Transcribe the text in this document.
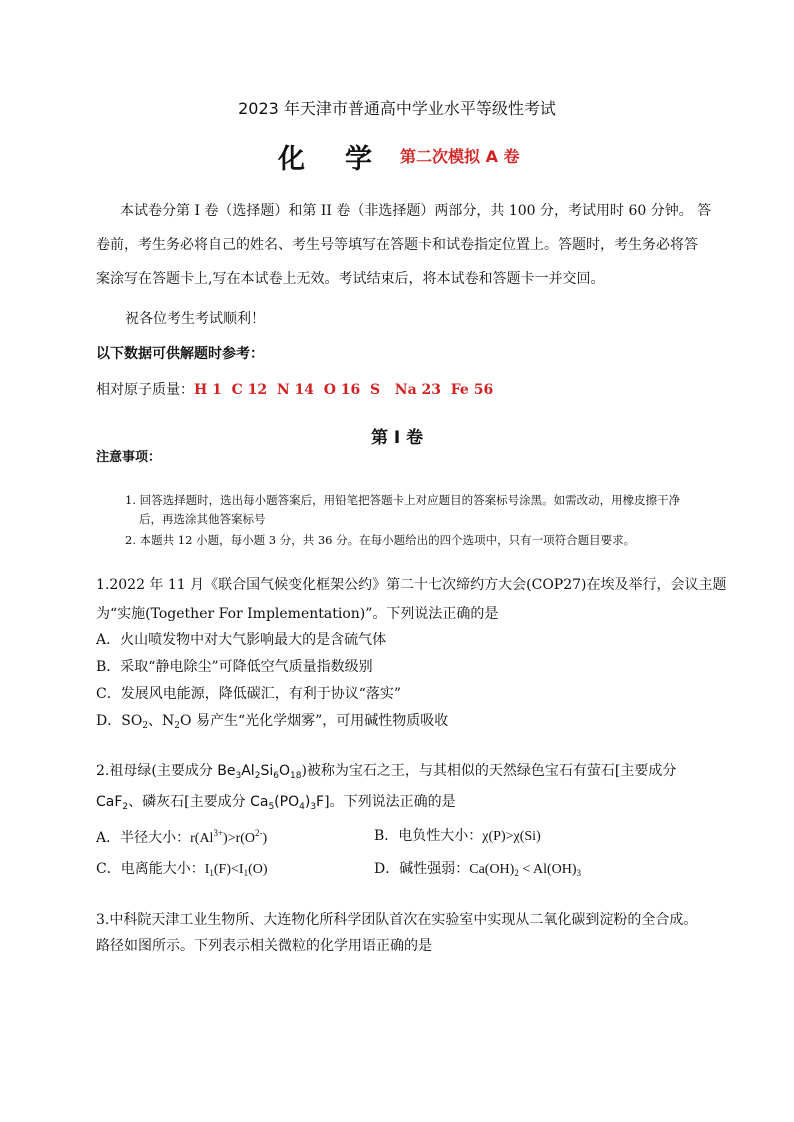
2023 年天津市普通高中学业水平等级性考试
化 学 第二次模拟 A 卷
本试卷分第 I 卷（选择题）和第 II 卷（非选择题）两部分，共 100 分，考试用时 60 分钟。 答
卷前，考生务必将自己的姓名、考生号等填写在答题卡和试卷指定位置上。答题时，考生务必将答
案涂写在答题卡上,写在本试卷上无效。考试结束后，将本试卷和答题卡一并交回。
祝各位考生考试顺利！
以下数据可供解题时参考：
相对原子质量：H 1  C 12  N 14  O 16  S   Na 23  Fe 56
第 I 卷
注意事项：
1. 回答选择题时，选出每小题答案后，用铅笔把答题卡上对应题目的答案标号涂黑。如需改动，用橡皮擦干净
后，再选涂其他答案标号
2. 本题共 12 小题，每小题 3 分，共 36 分。在每小题给出的四个选项中，只有一项符合题目要求。
1.2022 年 11 月《联合国气候变化框架公约》第二十七次缔约方大会(COP27)在埃及举行，会议主题
为“实施(Together For Implementation)”。下列说法正确的是
A．火山喷发物中对大气影响最大的是含硫气体
B．采取“静电除尘”可降低空气质量指数级别
C．发展风电能源，降低碳汇，有利于协议“落实”
D．$SO_2$、$N_2O$ 易产生“光化学烟雾”，可用碱性物质吸收
2.祖母绿(主要成分 $Be_3Al_2Si_6O_{18}$)被称为宝石之王，与其相似的天然绿色宝石有萤石[主要成分
CaF$_2$、磷灰石[主要成分 $Ca_5(PO_4)_3F$]。下列说法正确的是
A．半径大小：$r(Al^{3+})>r(O^{2-})$	B．电负性大小：χ(P)>χ(Si)
C．电离能大小：$I_1(F)<I_1(O)$	D．碱性强弱：$Ca(OH)_2 < Al(OH)_3$
3.中科院天津工业生物所、大连物化所科学团队首次在实验室中实现从二氧化碳到淀粉的全合成。
路径如图所示。下列表示相关微粒的化学用语正确的是
